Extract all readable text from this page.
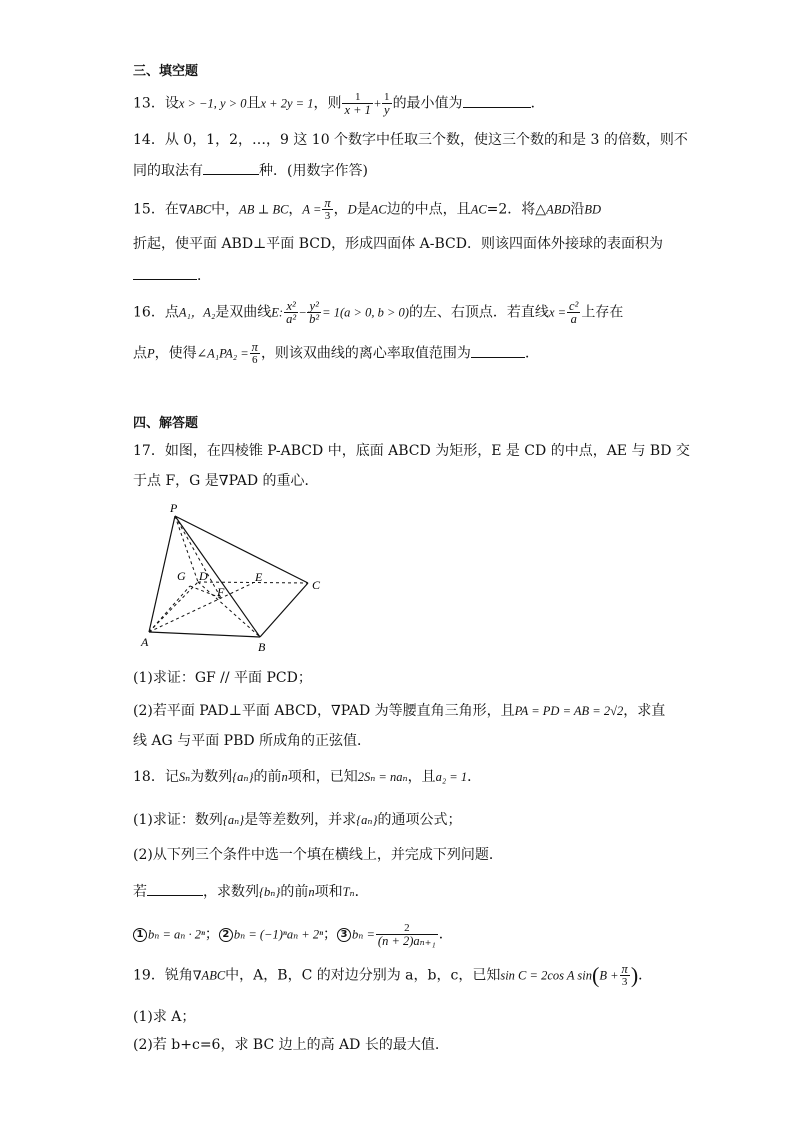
三、填空题
13．设x > −1, y > 0且x + 2y = 1，则 $\frac{1}{x + 1} + \frac{1}{y}$ 的最小值为	．
14．从 0，1，2，…，9 这 10 个数字中任取三个数，使这三个数的和是 3 的倍数，则不
同的取法有	种．(用数字作答)
15．在∇ABC中，AB ⊥ BC，$A = \frac{\pi}{3}$ ，D是AC边的中点，且AC=2．将△ABD沿BD
折起，使平面 ABD⊥平面 BCD，形成四面体 A-BCD．则该四面体外接球的表面积为
．
16．点A₁，A₂是双曲线E: $\frac{\text{x²}}{\text{a²}} - \frac{\text{y²}}{\text{b²}} = 1(a > 0$, b > 0)的左、右顶点．若直线$x = \frac{\text{c²}}{a}$ 上存在
点P，使得∠A₁PA₂ = $\frac{\pi}{6}$ ，则该双曲线的离心率取值范围为	．
四、解答题
17．如图，在四棱锥 P-ABCD 中，底面 ABCD 为矩形，E 是 CD 的中点，AE 与 BD 交
于点 F，G 是∇PAD 的重心．
P
G D	E
C
F
A	B
(1)求证：GF // 平面 PCD；
(2)若平面 PAD⊥平面 ABCD，∇PAD 为等腰直角三角形，且PA = PD = AB = 2√2，求直
线 AG 与平面 PBD 所成角的正弦值．
18．记Sₙ为数列{aₙ}的前n项和，已知2Sₙ = naₙ，且a₂ = 1．
(1)求证：数列{aₙ}是等差数列，并求{aₙ}的通项公式；
(2)从下列三个条件中选一个填在横线上，并完成下列问题．
若	，求数列{bₙ}的前n项和Tₙ．
1 bₙ = aₙ · 2ⁿ； 2 bₙ = (−1)ⁿaₙ + 2ⁿ； 3 $b_n = \frac{2}{\text{(n + 2)aₙ₊₁}}$ ．
19．锐角∇ABC中，A，B，C 的对边分别为 a，b，c，已知sin C = 2cos A $\sin(B + \frac{\pi}{3}$ )．
(1)求 A；
(2)若 b+c=6，求 BC 边上的高 AD 长的最大值.
